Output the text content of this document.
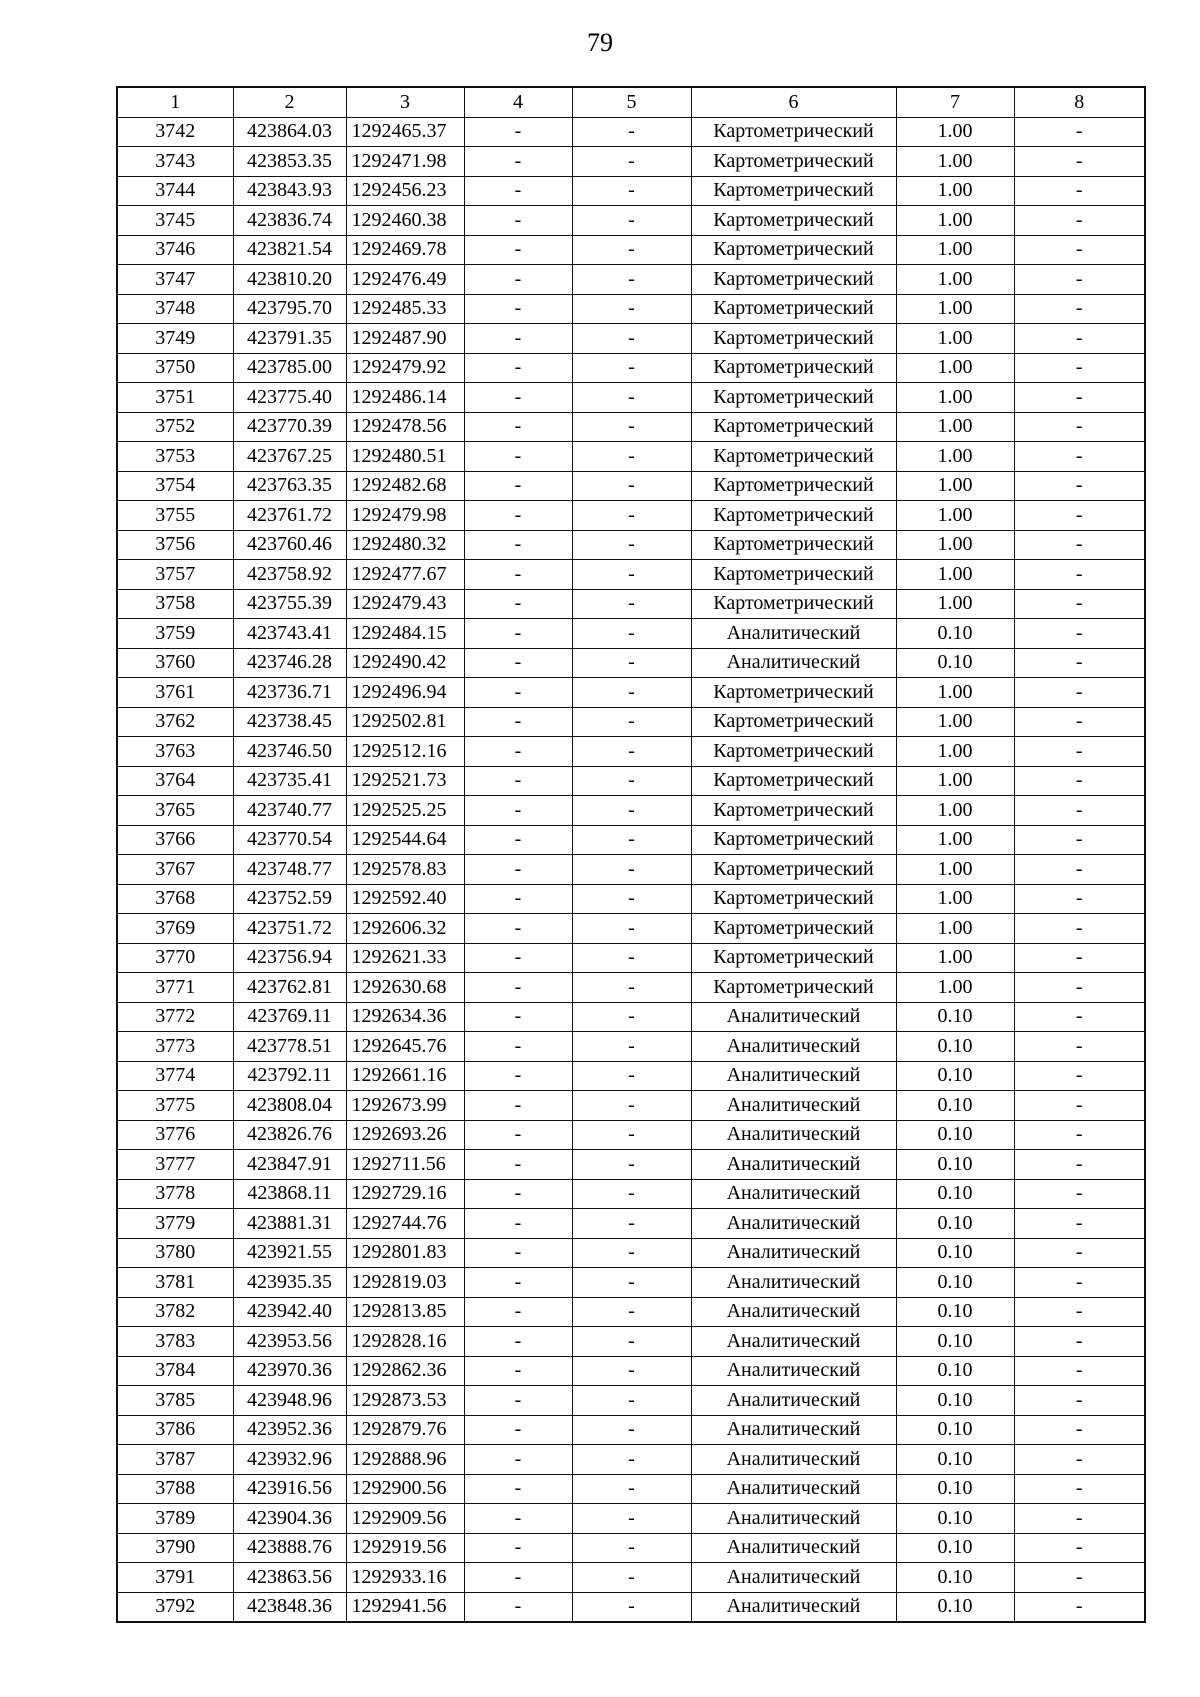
79
1	2	3	4	5	6	7	8
3742	423864.03	1292465.37	-	-	Картометрический	1.00	-
3743	423853.35	1292471.98	-	-	Картометрический	1.00	-
3744	423843.93	1292456.23	-	-	Картометрический	1.00	-
3745	423836.74	1292460.38	-	-	Картометрический	1.00	-
3746	423821.54	1292469.78	-	-	Картометрический	1.00	-
3747	423810.20	1292476.49	-	-	Картометрический	1.00	-
3748	423795.70	1292485.33	-	-	Картометрический	1.00	-
3749	423791.35	1292487.90	-	-	Картометрический	1.00	-
3750	423785.00	1292479.92	-	-	Картометрический	1.00	-
3751	423775.40	1292486.14	-	-	Картометрический	1.00	-
3752	423770.39	1292478.56	-	-	Картометрический	1.00	-
3753	423767.25	1292480.51	-	-	Картометрический	1.00	-
3754	423763.35	1292482.68	-	-	Картометрический	1.00	-
3755	423761.72	1292479.98	-	-	Картометрический	1.00	-
3756	423760.46	1292480.32	-	-	Картометрический	1.00	-
3757	423758.92	1292477.67	-	-	Картометрический	1.00	-
3758	423755.39	1292479.43	-	-	Картометрический	1.00	-
3759	423743.41	1292484.15	-	-	Аналитический	0.10	-
3760	423746.28	1292490.42	-	-	Аналитический	0.10	-
3761	423736.71	1292496.94	-	-	Картометрический	1.00	-
3762	423738.45	1292502.81	-	-	Картометрический	1.00	-
3763	423746.50	1292512.16	-	-	Картометрический	1.00	-
3764	423735.41	1292521.73	-	-	Картометрический	1.00	-
3765	423740.77	1292525.25	-	-	Картометрический	1.00	-
3766	423770.54	1292544.64	-	-	Картометрический	1.00	-
3767	423748.77	1292578.83	-	-	Картометрический	1.00	-
3768	423752.59	1292592.40	-	-	Картометрический	1.00	-
3769	423751.72	1292606.32	-	-	Картометрический	1.00	-
3770	423756.94	1292621.33	-	-	Картометрический	1.00	-
3771	423762.81	1292630.68	-	-	Картометрический	1.00	-
3772	423769.11	1292634.36	-	-	Аналитический	0.10	-
3773	423778.51	1292645.76	-	-	Аналитический	0.10	-
3774	423792.11	1292661.16	-	-	Аналитический	0.10	-
3775	423808.04	1292673.99	-	-	Аналитический	0.10	-
3776	423826.76	1292693.26	-	-	Аналитический	0.10	-
3777	423847.91	1292711.56	-	-	Аналитический	0.10	-
3778	423868.11	1292729.16	-	-	Аналитический	0.10	-
3779	423881.31	1292744.76	-	-	Аналитический	0.10	-
3780	423921.55	1292801.83	-	-	Аналитический	0.10	-
3781	423935.35	1292819.03	-	-	Аналитический	0.10	-
3782	423942.40	1292813.85	-	-	Аналитический	0.10	-
3783	423953.56	1292828.16	-	-	Аналитический	0.10	-
3784	423970.36	1292862.36	-	-	Аналитический	0.10	-
3785	423948.96	1292873.53	-	-	Аналитический	0.10	-
3786	423952.36	1292879.76	-	-	Аналитический	0.10	-
3787	423932.96	1292888.96	-	-	Аналитический	0.10	-
3788	423916.56	1292900.56	-	-	Аналитический	0.10	-
3789	423904.36	1292909.56	-	-	Аналитический	0.10	-
3790	423888.76	1292919.56	-	-	Аналитический	0.10	-
3791	423863.56	1292933.16	-	-	Аналитический	0.10	-
3792	423848.36	1292941.56	-	-	Аналитический	0.10	-
